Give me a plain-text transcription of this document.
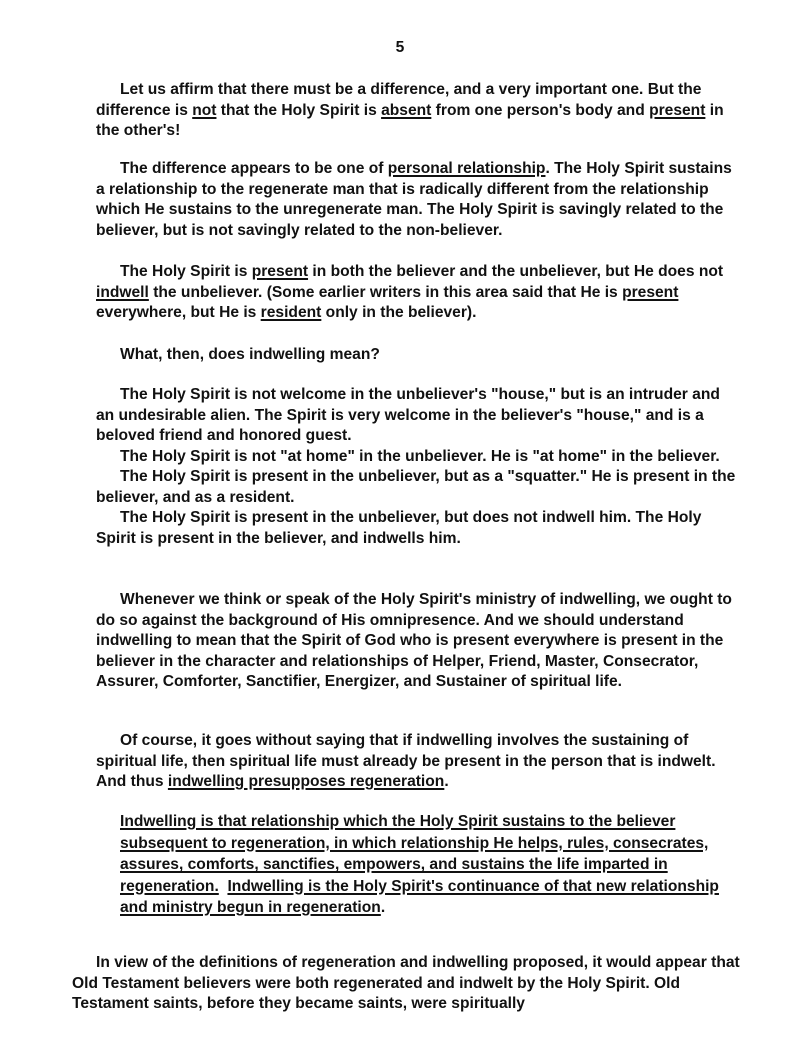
5

Let us affirm that there must be a difference, and a very important one. But the difference is not that the Holy Spirit is absent from one person's body and present in the other's!

The difference appears to be one of personal relationship. The Holy Spirit sustains a relationship to the regenerate man that is radically different from the relationship which He sustains to the unregenerate man. The Holy Spirit is savingly related to the believer, but is not savingly related to the non-believer.

The Holy Spirit is present in both the believer and the unbeliever, but He does not indwell the unbeliever. (Some earlier writers in this area said that He is present everywhere, but He is resident only in the believer).

What, then, does indwelling mean?

The Holy Spirit is not welcome in the unbeliever's "house," but is an intruder and an undesirable alien. The Spirit is very welcome in the believer's "house," and is a beloved friend and honored guest.

The Holy Spirit is not "at home" in the unbeliever. He is "at home" in the believer.

The Holy Spirit is present in the unbeliever, but as a "squatter." He is present in the believer, and as a resident.

The Holy Spirit is present in the unbeliever, but does not indwell him. The Holy Spirit is present in the believer, and indwells him.

Whenever we think or speak of the Holy Spirit's ministry of indwelling, we ought to do so against the background of His omnipresence. And we should understand indwelling to mean that the Spirit of God who is present everywhere is present in the believer in the character and relationships of Helper, Friend, Master, Consecrator, Assurer, Comforter, Sanctifier, Energizer, and Sustainer of spiritual life.

Of course, it goes without saying that if indwelling involves the sustaining of spiritual life, then spiritual life must already be present in the person that is indwelt. And thus indwelling presupposes regeneration.

Indwelling is that relationship which the Holy Spirit sustains to the believer subsequent to regeneration, in which relationship He helps, rules, consecrates, assures, comforts, sanctifies, empowers, and sustains the life imparted in regeneration. Indwelling is the Holy Spirit's continuance of that new relationship and ministry begun in regeneration.

In view of the definitions of regeneration and indwelling proposed, it would appear that Old Testament believers were both regenerated and indwelt by the Holy Spirit. Old Testament saints, before they became saints, were spiritually
